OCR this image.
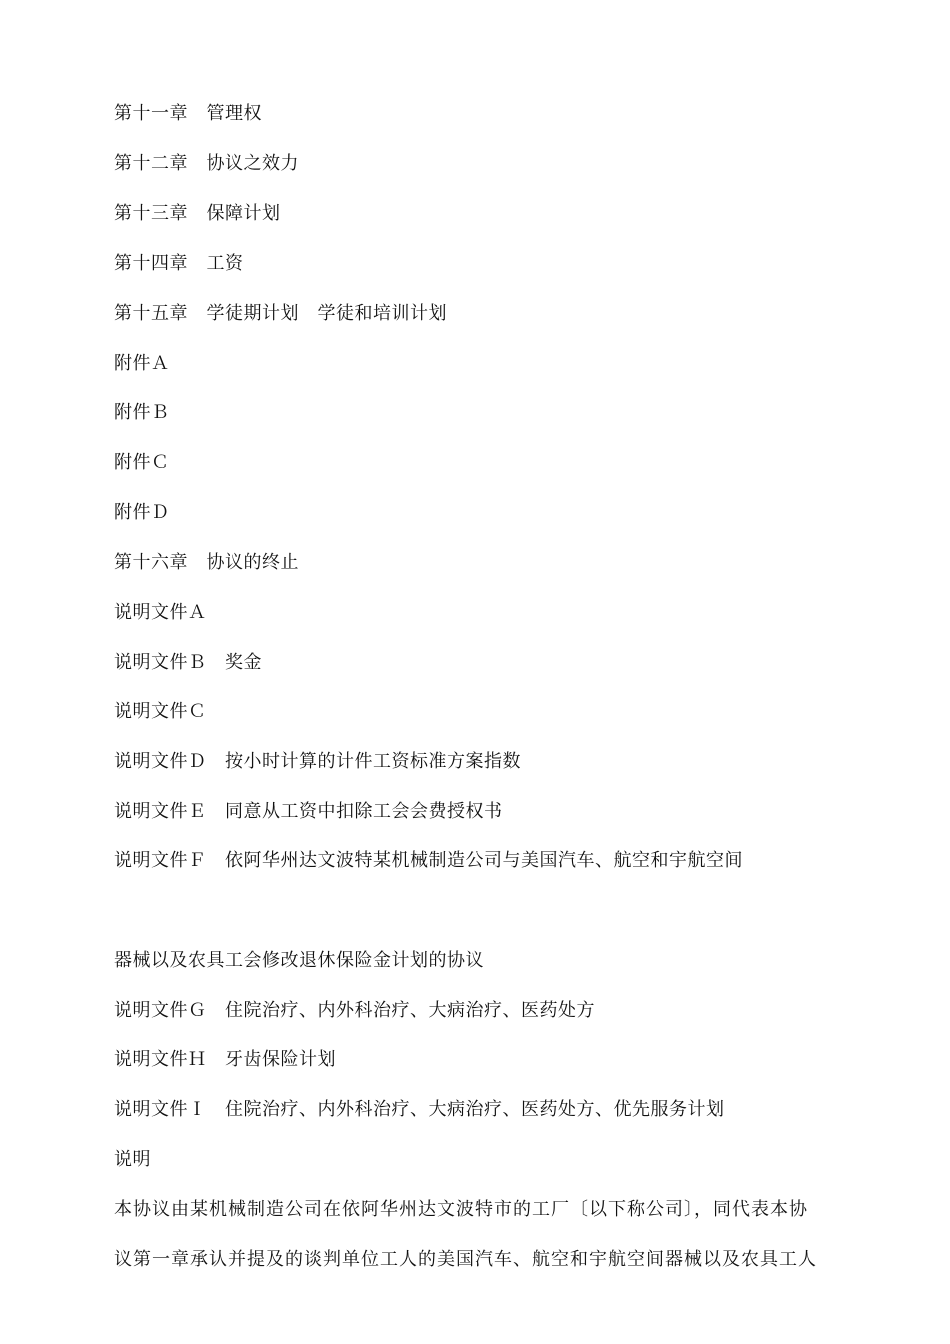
第十一章　管理权
第十二章　协议之效力
第十三章　保障计划
第十四章　工资
第十五章　学徒期计划　学徒和培训计划
附件Ａ
附件Ｂ
附件Ｃ
附件Ｄ
第十六章　协议的终止
说明文件Ａ
说明文件Ｂ　奖金
说明文件Ｃ
说明文件Ｄ　按小时计算的计件工资标准方案指数
说明文件Ｅ　同意从工资中扣除工会会费授权书
说明文件Ｆ　依阿华州达文波特某机械制造公司与美国汽车、航空和宇航空间
器械以及农具工会修改退休保险金计划的协议
说明文件Ｇ　住院治疗、内外科治疗、大病治疗、医药处方
说明文件Ｈ　牙齿保险计划
说明文件Ｉ　住院治疗、内外科治疗、大病治疗、医药处方、优先服务计划
说明
本协议由某机械制造公司在依阿华州达文波特市的工厂〔以下称公司〕，同代表本协
议第一章承认并提及的谈判单位工人的美国汽车、航空和宇航空间器械以及农具工人
